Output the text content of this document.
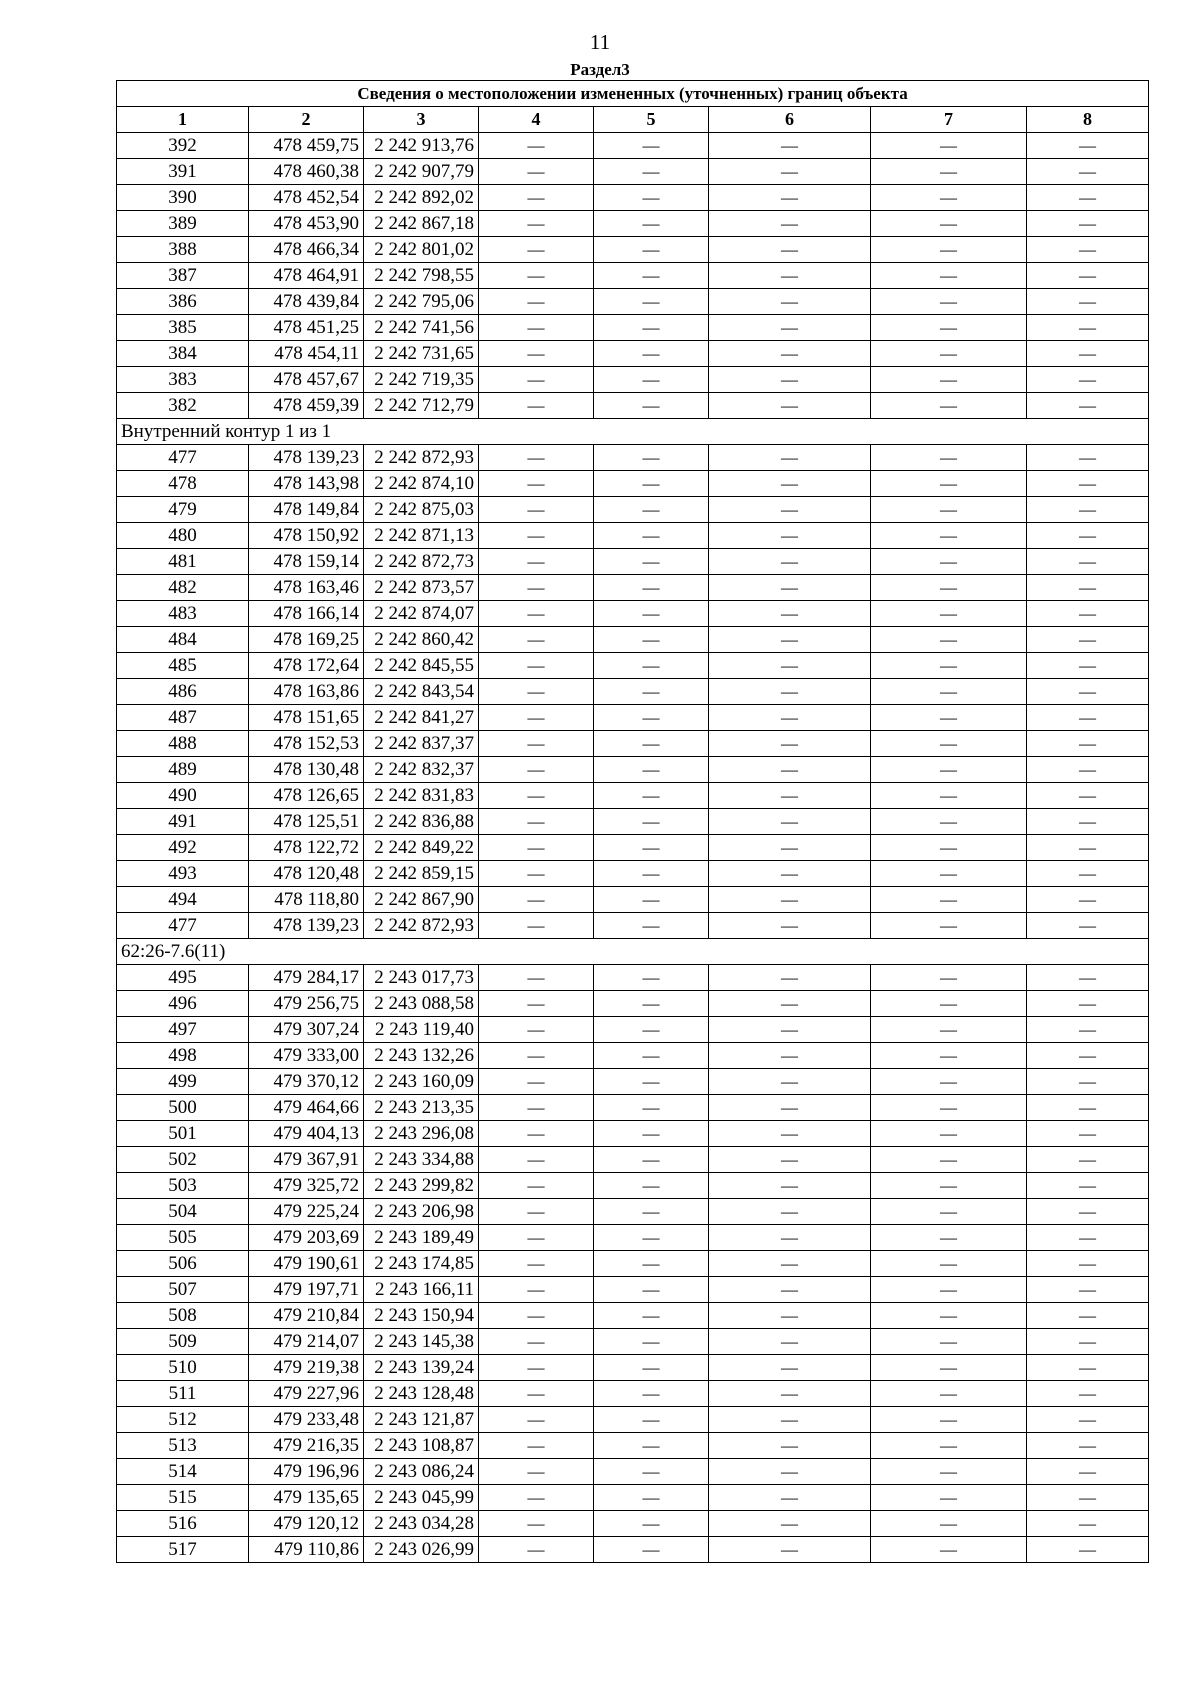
11
Раздел3
Сведения о местоположении измененных (уточненных) границ объекта							
1	2	3	4	5	6	7	8
392	478 459,75	2 242 913,76	—	—	—	—	—
391	478 460,38	2 242 907,79	—	—	—	—	—
390	478 452,54	2 242 892,02	—	—	—	—	—
389	478 453,90	2 242 867,18	—	—	—	—	—
388	478 466,34	2 242 801,02	—	—	—	—	—
387	478 464,91	2 242 798,55	—	—	—	—	—
386	478 439,84	2 242 795,06	—	—	—	—	—
385	478 451,25	2 242 741,56	—	—	—	—	—
384	478 454,11	2 242 731,65	—	—	—	—	—
383	478 457,67	2 242 719,35	—	—	—	—	—
382	478 459,39	2 242 712,79	—	—	—	—	—
Внутренний контур 1 из 1							
477	478 139,23	2 242 872,93	—	—	—	—	—
478	478 143,98	2 242 874,10	—	—	—	—	—
479	478 149,84	2 242 875,03	—	—	—	—	—
480	478 150,92	2 242 871,13	—	—	—	—	—
481	478 159,14	2 242 872,73	—	—	—	—	—
482	478 163,46	2 242 873,57	—	—	—	—	—
483	478 166,14	2 242 874,07	—	—	—	—	—
484	478 169,25	2 242 860,42	—	—	—	—	—
485	478 172,64	2 242 845,55	—	—	—	—	—
486	478 163,86	2 242 843,54	—	—	—	—	—
487	478 151,65	2 242 841,27	—	—	—	—	—
488	478 152,53	2 242 837,37	—	—	—	—	—
489	478 130,48	2 242 832,37	—	—	—	—	—
490	478 126,65	2 242 831,83	—	—	—	—	—
491	478 125,51	2 242 836,88	—	—	—	—	—
492	478 122,72	2 242 849,22	—	—	—	—	—
493	478 120,48	2 242 859,15	—	—	—	—	—
494	478 118,80	2 242 867,90	—	—	—	—	—
477	478 139,23	2 242 872,93	—	—	—	—	—
62:26-7.6(11)							
495	479 284,17	2 243 017,73	—	—	—	—	—
496	479 256,75	2 243 088,58	—	—	—	—	—
497	479 307,24	2 243 119,40	—	—	—	—	—
498	479 333,00	2 243 132,26	—	—	—	—	—
499	479 370,12	2 243 160,09	—	—	—	—	—
500	479 464,66	2 243 213,35	—	—	—	—	—
501	479 404,13	2 243 296,08	—	—	—	—	—
502	479 367,91	2 243 334,88	—	—	—	—	—
503	479 325,72	2 243 299,82	—	—	—	—	—
504	479 225,24	2 243 206,98	—	—	—	—	—
505	479 203,69	2 243 189,49	—	—	—	—	—
506	479 190,61	2 243 174,85	—	—	—	—	—
507	479 197,71	2 243 166,11	—	—	—	—	—
508	479 210,84	2 243 150,94	—	—	—	—	—
509	479 214,07	2 243 145,38	—	—	—	—	—
510	479 219,38	2 243 139,24	—	—	—	—	—
511	479 227,96	2 243 128,48	—	—	—	—	—
512	479 233,48	2 243 121,87	—	—	—	—	—
513	479 216,35	2 243 108,87	—	—	—	—	—
514	479 196,96	2 243 086,24	—	—	—	—	—
515	479 135,65	2 243 045,99	—	—	—	—	—
516	479 120,12	2 243 034,28	—	—	—	—	—
517	479 110,86	2 243 026,99	—	—	—	—	—
